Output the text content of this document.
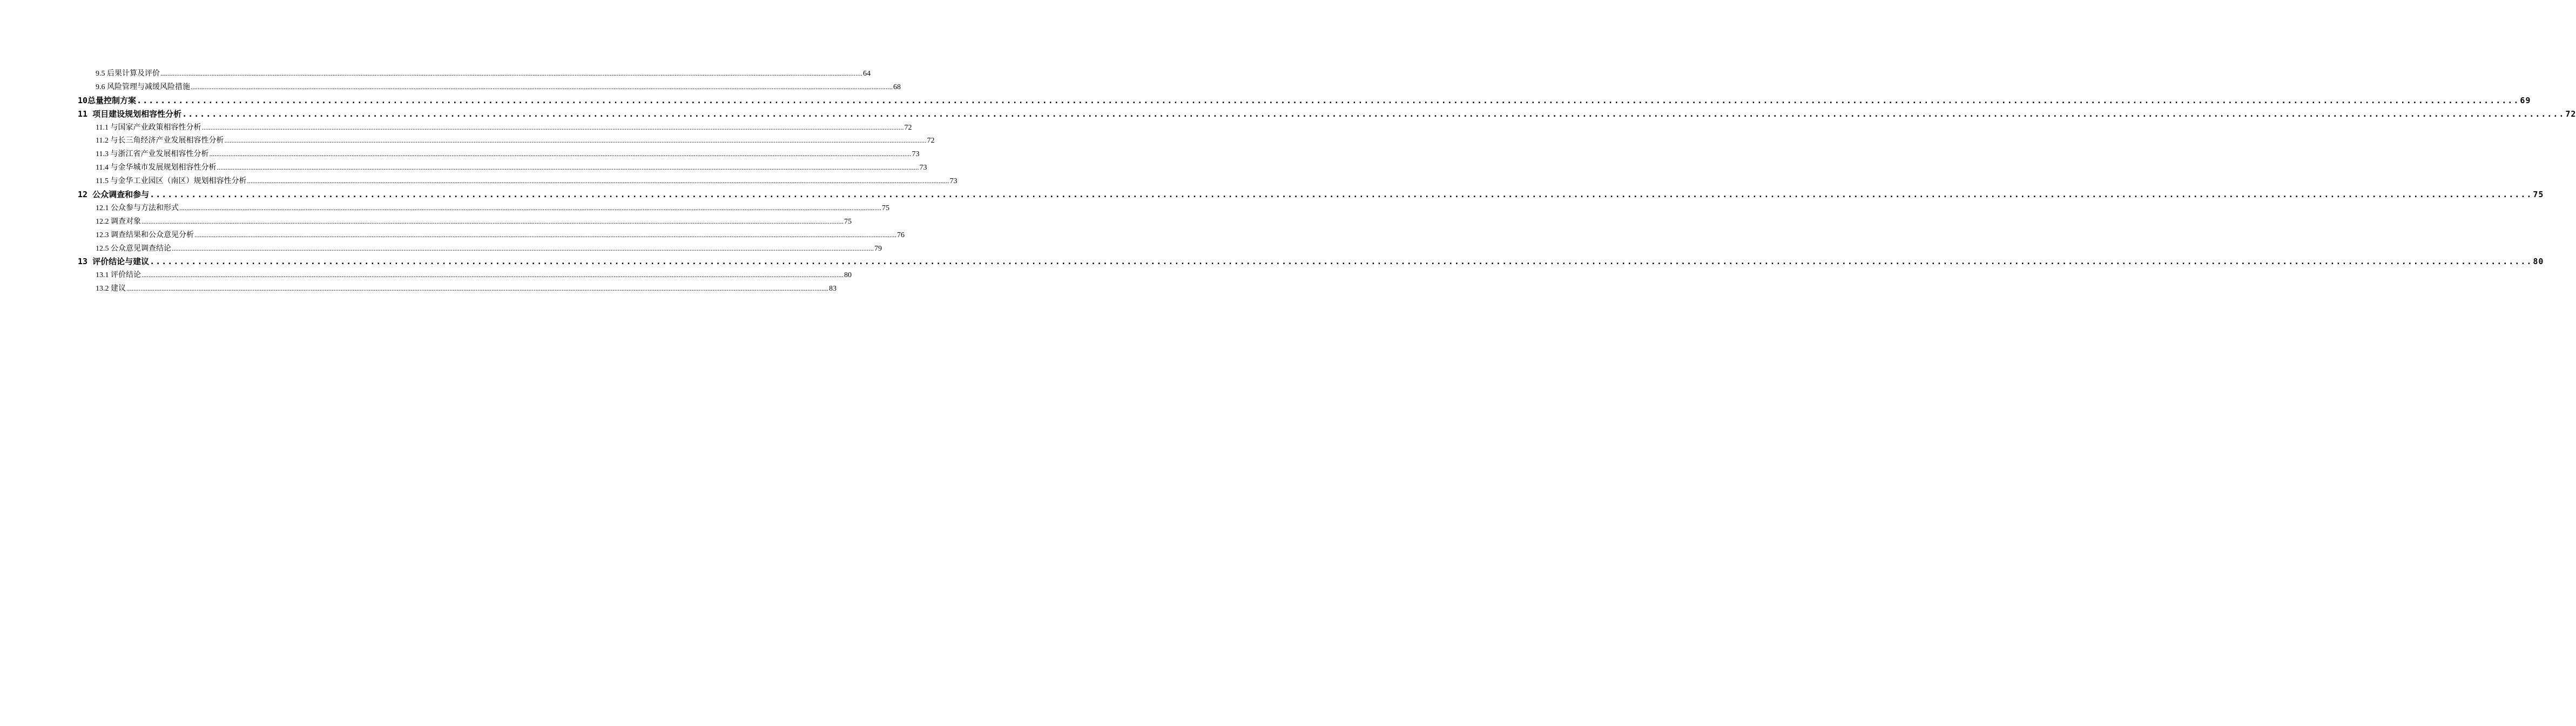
9.5 后果计算及评价 ................................................................................................................................................................................................................................................................................................................................................................................................................ 64
9.6 风险管理与减缓风险措施 ................................................................................................................................................................................................................................................................................................................................................................................................................ 68
10总量控制方案 ................................................................................................................................................................................................................................................................................................................................................................................................................ 69
11 项目建设规划相容性分析 ................................................................................................................................................................................................................................................................................................................................................................................................................ 72
11.1 与国家产业政策相容性分析 ................................................................................................................................................................................................................................................................................................................................................................................................................ 72
11.2 与长三角经济产业发展相容性分析 ................................................................................................................................................................................................................................................................................................................................................................................................................ 72
11.3 与浙江省产业发展相容性分析 ................................................................................................................................................................................................................................................................................................................................................................................................................ 73
11.4 与金华城市发展规划相容性分析 ................................................................................................................................................................................................................................................................................................................................................................................................................ 73
11.5 与金华工业园区（南区）规划相容性分析 ................................................................................................................................................................................................................................................................................................................................................................................................................ 73
12 公众调查和参与 ................................................................................................................................................................................................................................................................................................................................................................................................................ 75
12.1 公众参与方法和形式 ................................................................................................................................................................................................................................................................................................................................................................................................................ 75
12.2 调查对象 ................................................................................................................................................................................................................................................................................................................................................................................................................ 75
12.3 调查结果和公众意见分析 ................................................................................................................................................................................................................................................................................................................................................................................................................ 76
12.5 公众意见调查结论 ................................................................................................................................................................................................................................................................................................................................................................................................................ 79
13 评价结论与建议 ................................................................................................................................................................................................................................................................................................................................................................................................................ 80
13.1 评价结论 ................................................................................................................................................................................................................................................................................................................................................................................................................ 80
13.2 建议 ................................................................................................................................................................................................................................................................................................................................................................................................................ 83
